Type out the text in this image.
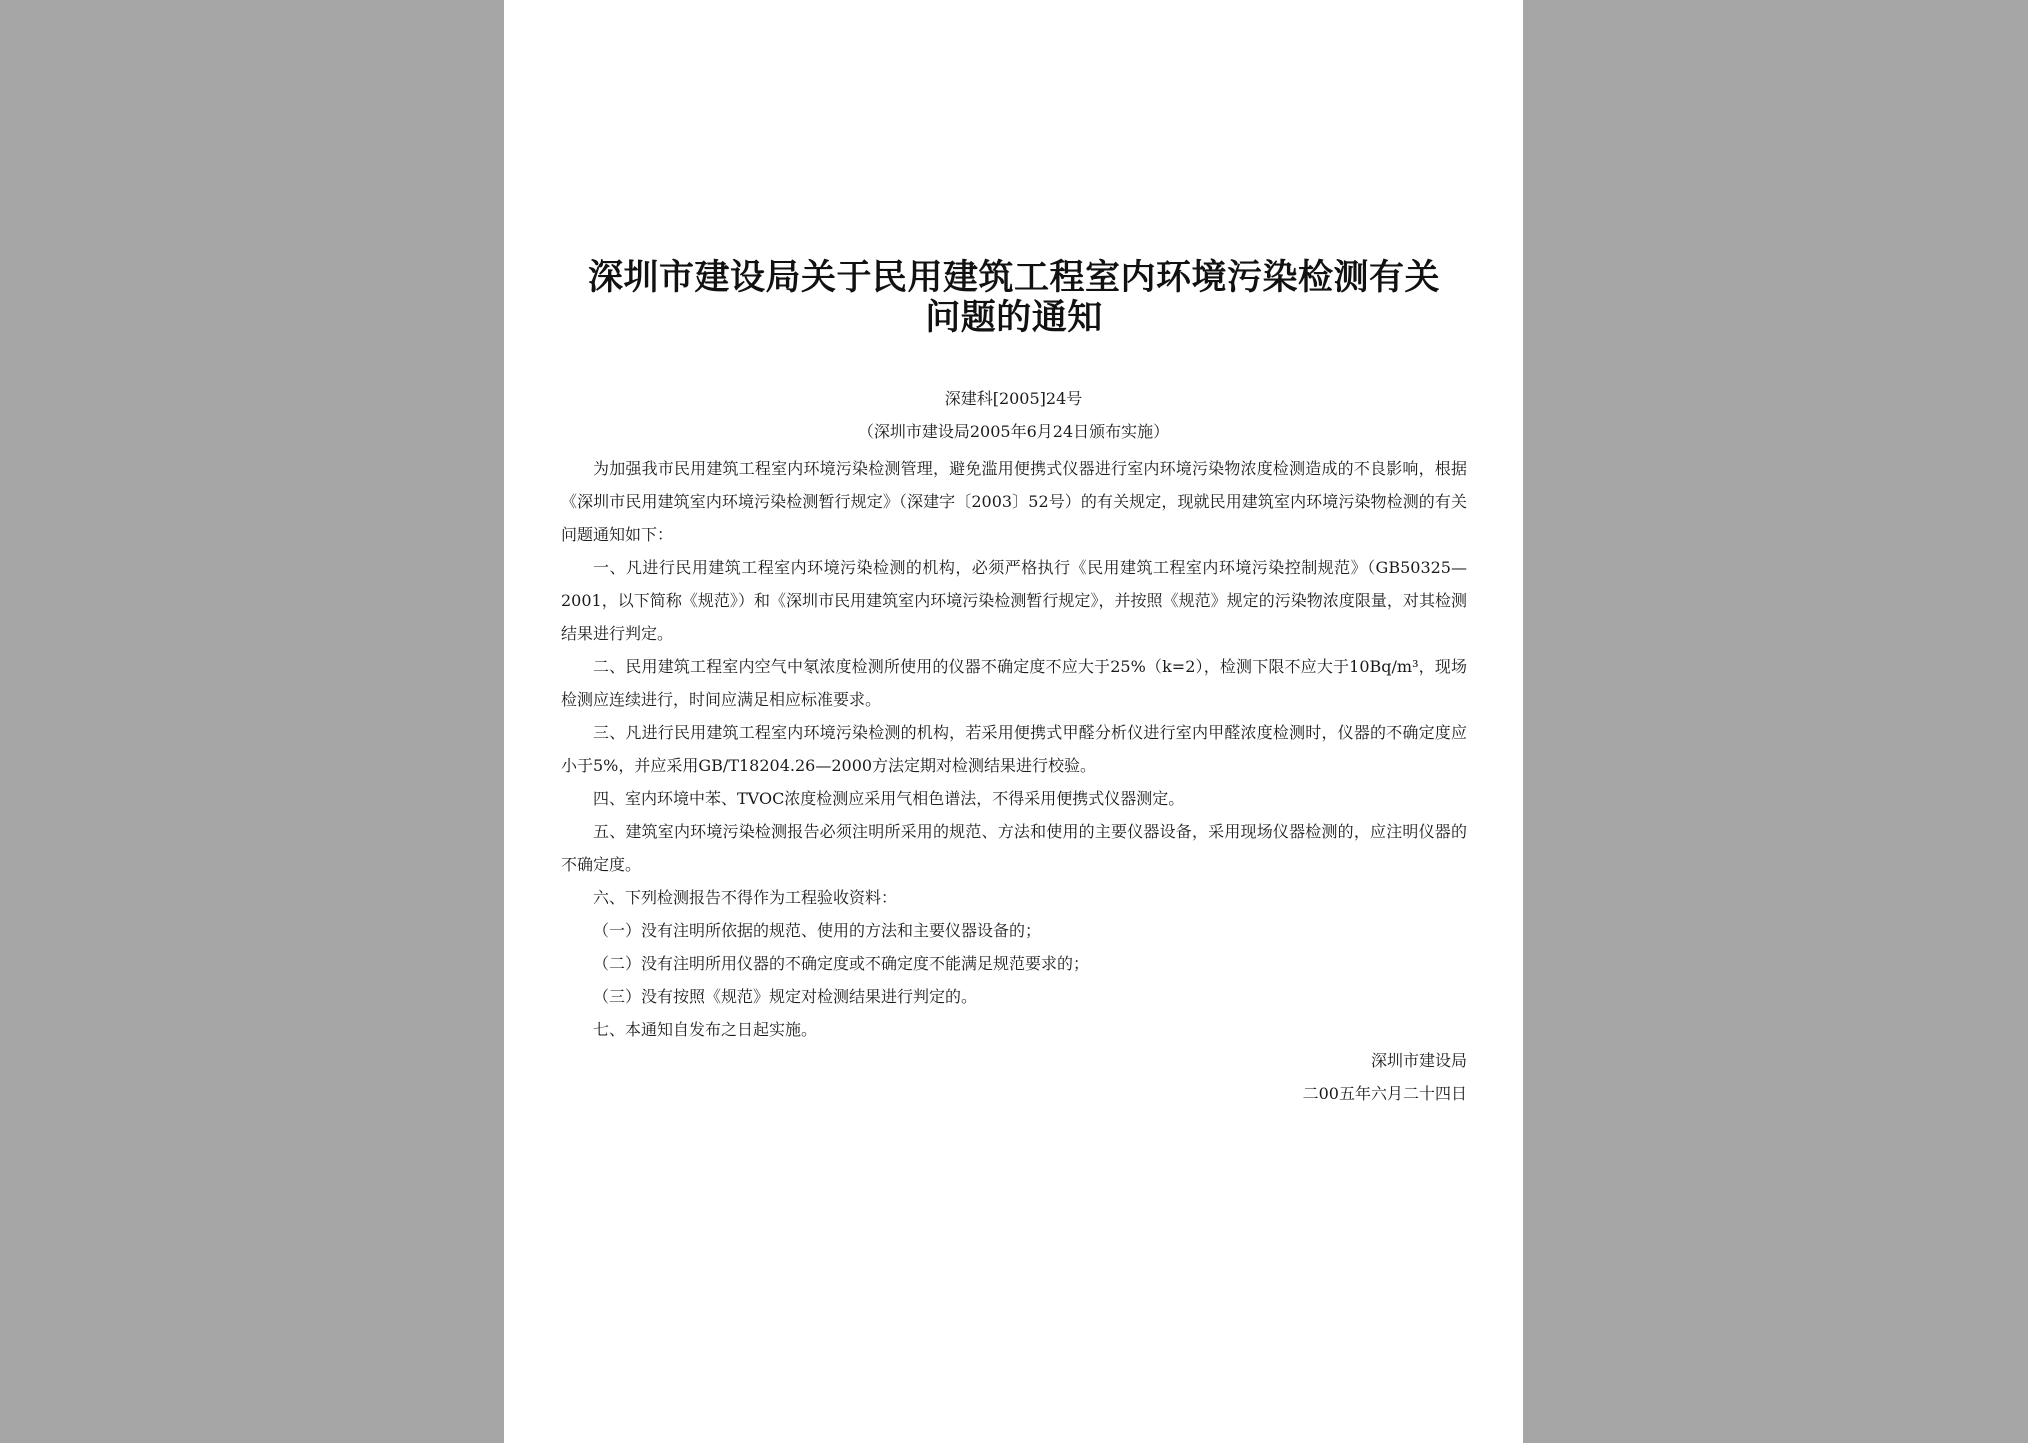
深圳市建设局关于民用建筑工程室内环境污染检测有关问题的通知
深建科[2005]24号
（深圳市建设局2005年6月24日颁布实施）

为加强我市民用建筑工程室内环境污染检测管理，避免滥用便携式仪器进行室内环境污染物浓度检测造成的不良影响，根据《深圳市民用建筑室内环境污染检测暂行规定》（深建字〔2003〕52号）的有关规定，现就民用建筑室内环境污染物检测的有关问题通知如下：

一、凡进行民用建筑工程室内环境污染检测的机构，必须严格执行《民用建筑工程室内环境污染控制规范》（GB50325—2001，以下简称《规范》）和《深圳市民用建筑室内环境污染检测暂行规定》，并按照《规范》规定的污染物浓度限量，对其检测结果进行判定。

二、民用建筑工程室内空气中氡浓度检测所使用的仪器不确定度不应大于25%（k=2），检测下限不应大于10Bq/m³，现场检测应连续进行，时间应满足相应标准要求。

三、凡进行民用建筑工程室内环境污染检测的机构，若采用便携式甲醛分析仪进行室内甲醛浓度检测时，仪器的不确定度应小于5%，并应采用GB/T18204.26—2000方法定期对检测结果进行校验。

四、室内环境中苯、TVOC浓度检测应采用气相色谱法，不得采用便携式仪器测定。

五、建筑室内环境污染检测报告必须注明所采用的规范、方法和使用的主要仪器设备，采用现场仪器检测的，应注明仪器的不确定度。

六、下列检测报告不得作为工程验收资料：

（一）没有注明所依据的规范、使用的方法和主要仪器设备的；

（二）没有注明所用仪器的不确定度或不确定度不能满足规范要求的；

（三）没有按照《规范》规定对检测结果进行判定的。

七、本通知自发布之日起实施。

深圳市建设局
二00五年六月二十四日
